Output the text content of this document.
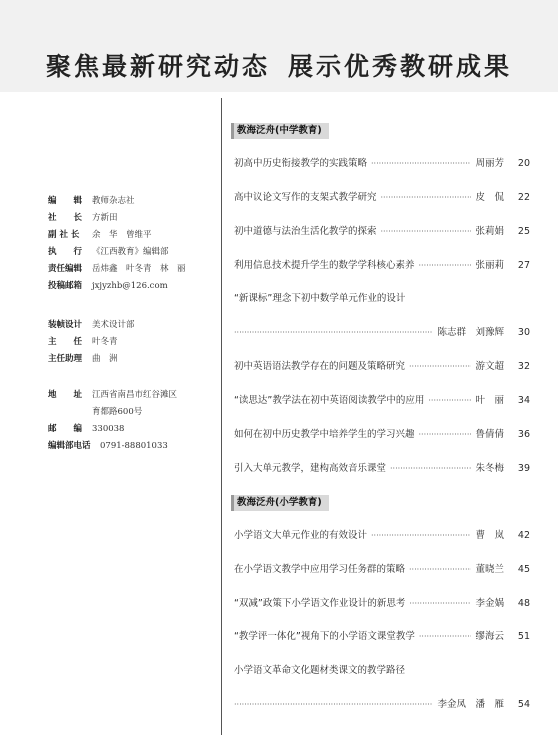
聚焦最新研究动态 展示优秀教研成果
编　　辑 教师杂志社
社　　长 方新田
副 社 长 余　华　曾维平
执　　行 《江西教育》编辑部
责任编辑 岳炜鑫　叶冬青　林　丽
投稿邮箱 jxjyzhb@126.com
装帧设计 美术设计部
主　　任 叶冬青
主任助理 曲　洲
地　　址 江西省南昌市红谷滩区
育都路600号
邮　　编 330038
编辑部电话 0791-88801033
教海泛舟(中学教育)
教海泛舟(小学教育)
初高中历史衔接教学的实践策略 ·····	周丽芳	20
高中议论文写作的支架式教学研究 ·····	皮　侃	22
初中道德与法治生活化教学的探索 ·····	张莉娟	25
利用信息技术提升学生的数学学科核心素养 ·····	张丽莉	27
“新课标”理念下初中数学单元作业的设计
·····
陈志群　刘豫辉	30
初中英语语法教学存在的问题及策略研究 ·····	游文超	32
“读思达”教学法在初中英语阅读教学中的应用 ·····	叶　丽	34
如何在初中历史教学中培养学生的学习兴趣 ·····	鲁倩倩	36
引入大单元教学，建构高效音乐课堂 ·····	朱冬梅	39
小学语文大单元作业的有效设计 ·····	曹　岚	42
在小学语文教学中应用学习任务群的策略 ·····	董晓兰	45
“双减”政策下小学语文作业设计的新思考 ·····	李金娲	48
“教学评一体化”视角下的小学语文课堂教学 ·····	缪海云	51
小学语文革命文化题材类课文的教学路径
·····
李金凤　潘　雁	54
